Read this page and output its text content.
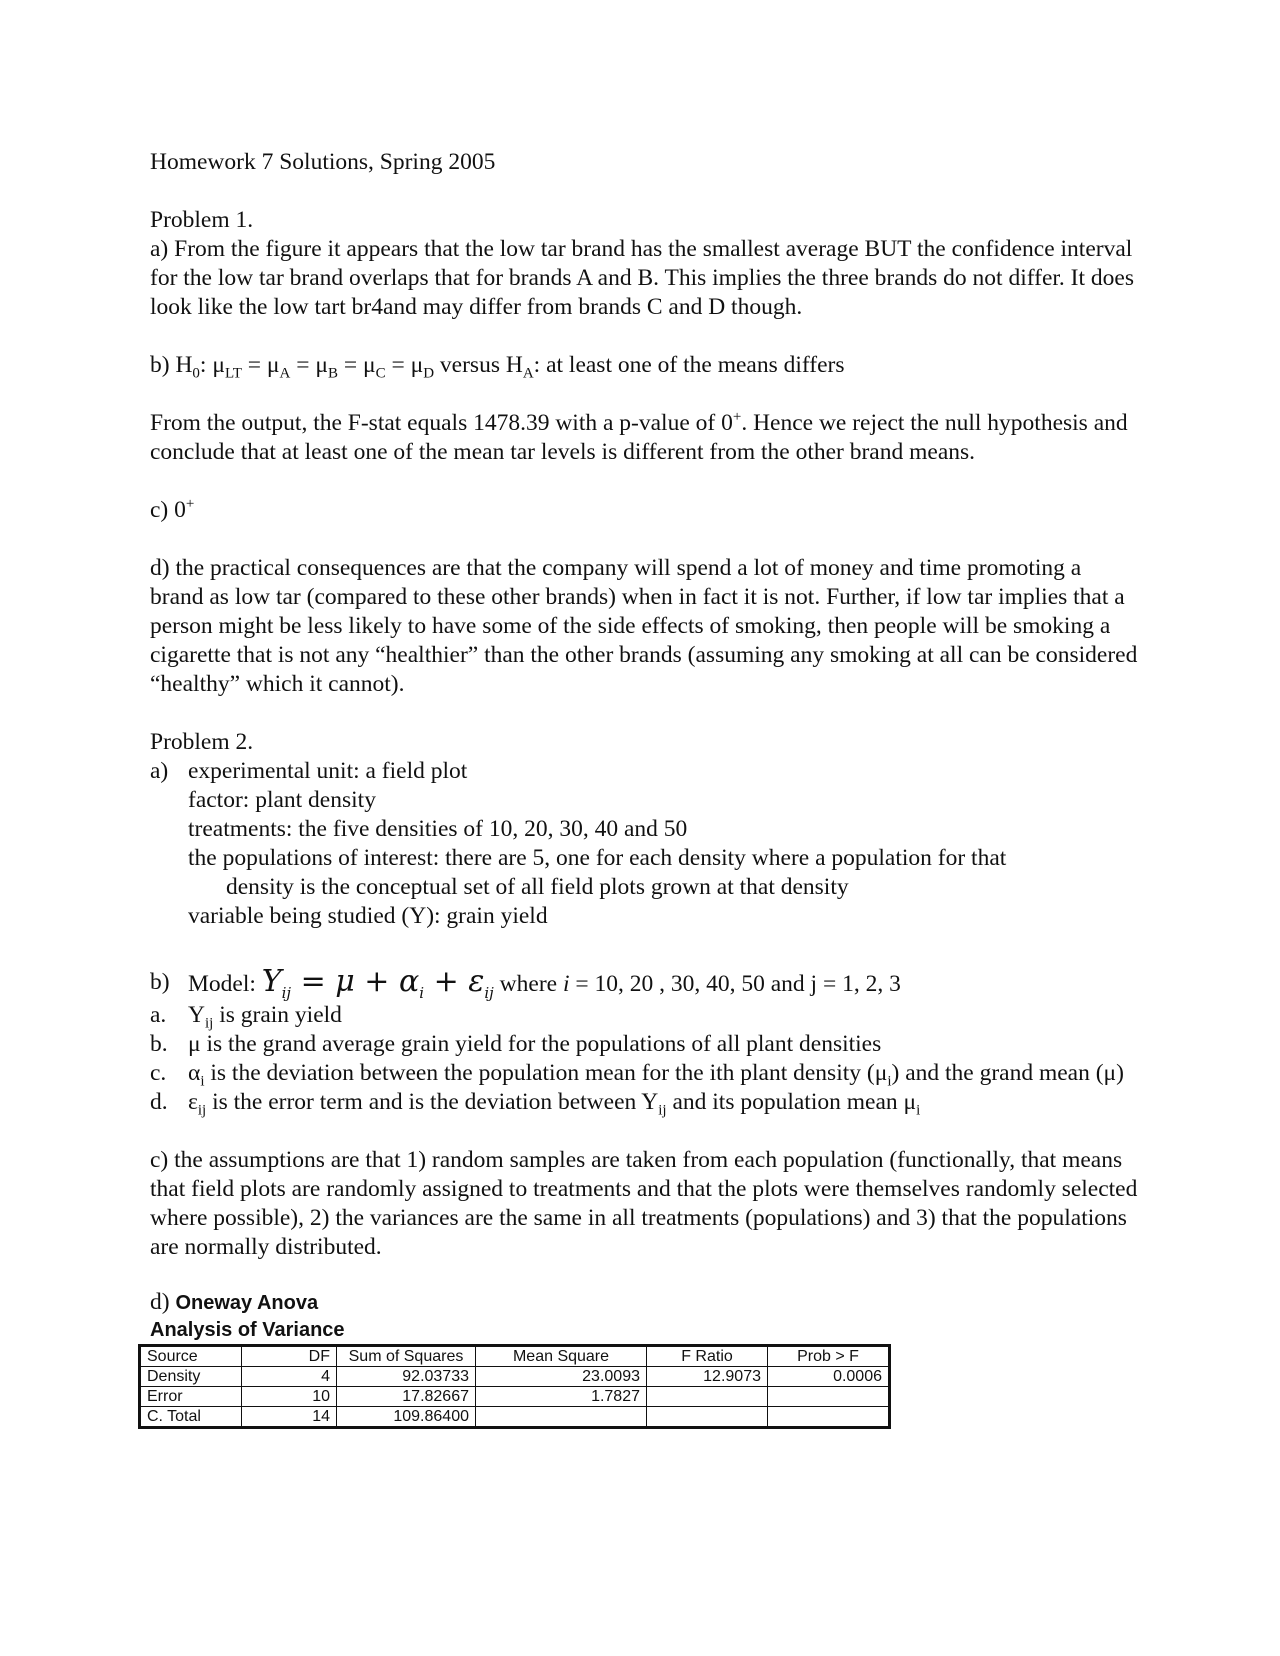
Homework 7 Solutions, Spring 2005

Problem 1.

a) From the figure it appears that the low tar brand has the smallest average BUT the confidence interval for the low tar brand overlaps that for brands A and B. This implies the three brands do not differ. It does look like the low tart br4and may differ from brands C and D though.

b) $H_0$: $\mu_{LT} = \mu_A = \mu_B = \mu_C = \mu_D$ versus $H_A$: at least one of the means differs

From the output, the F-stat equals 1478.39 with a p-value of 0+. Hence we reject the null hypothesis and conclude that at least one of the mean tar levels is different from the other brand means.

c) 0+

d) the practical consequences are that the company will spend a lot of money and time promoting a brand as low tar (compared to these other brands) when in fact it is not. Further, if low tar implies that a person might be less likely to have some of the side effects of smoking, then people will be smoking a cigarette that is not any “healthier” than the other brands (assuming any smoking at all can be considered “healthy” which it cannot).

Problem 2.

a) experimental unit: a field plot
factor: plant density
treatments: the five densities of 10, 20, 30, 40 and 50
the populations of interest: there are 5, one for each density where a population for that
density is the conceptual set of all field plots grown at that density
variable being studied (Y): grain yield
b) Model: $Y_{ij} = \mu + \alpha_i + \varepsilon_{ij}$ where i = 10, 20 , 30, 40, 50 and j = 1, 2, 3
a. $Y_{ij}$ is grain yield
b. μ is the grand average grain yield for the populations of all plant densities
c. $\alpha_i$ is the deviation between the population mean for the ith plant density $(\mu_i)$ and the grand mean (μ)
d. $\varepsilon_{ij}$ is the error term and is the deviation between $Y_{ij}$ and its population mean $\mu_i$

c) the assumptions are that 1) random samples are taken from each population (functionally, that means that field plots are randomly assigned to treatments and that the plots were themselves randomly selected where possible), 2) the variances are the same in all treatments (populations) and 3) that the populations are normally distributed.

d) Oneway Anova

Analysis of Variance

Source	DF	Sum of Squares	Mean Square	F Ratio	Prob > F
Density	4	92.03733	23.0093	12.9073	0.0006
Error	10	17.82667	1.7827		
C. Total	14	109.86400			
